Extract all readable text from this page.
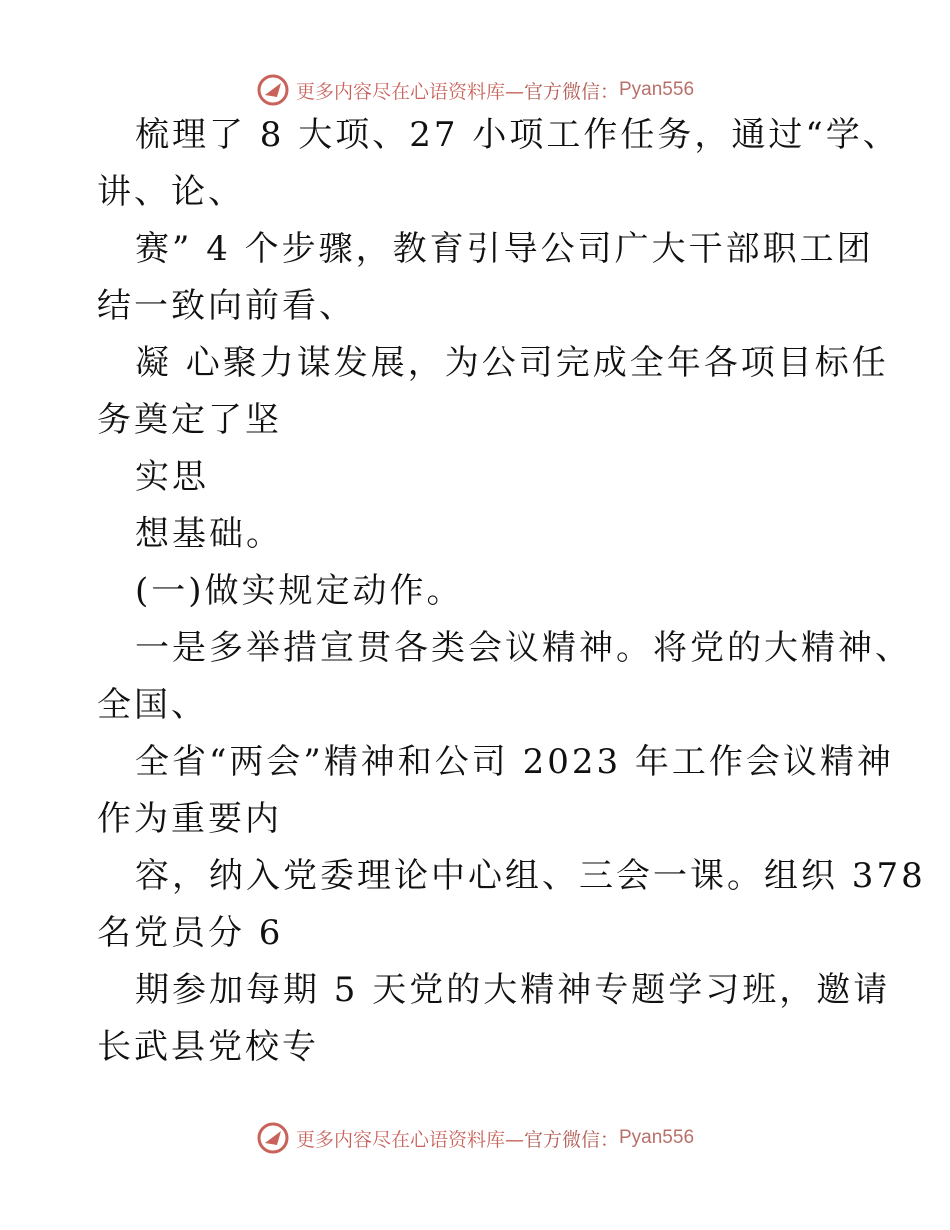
更多内容尽在心语资料库— 官方微信： Pyan556
梳理了 8 大项、27 小项工作任务，通过“学、
讲、论、
赛” 4 个步骤，教育引导公司广大干部职工团
结一致向前看、
凝 心聚力谋发展，为公司完成全年各项目标任
务奠定了坚
实思
想基础。
(一)做实规定动作。
一是多举措宣贯各类会议精神。将党的大精神、
全国、
全省“两会”精神和公司 2023 年工作会议精神
作为重要内
容，纳入党委理论中心组、三会一课。组织 378
名党员分 6
期参加每期 5 天党的大精神专题学习班，邀请
长武县党校专
更多内容尽在心语资料库— 官方微信： Pyan556
